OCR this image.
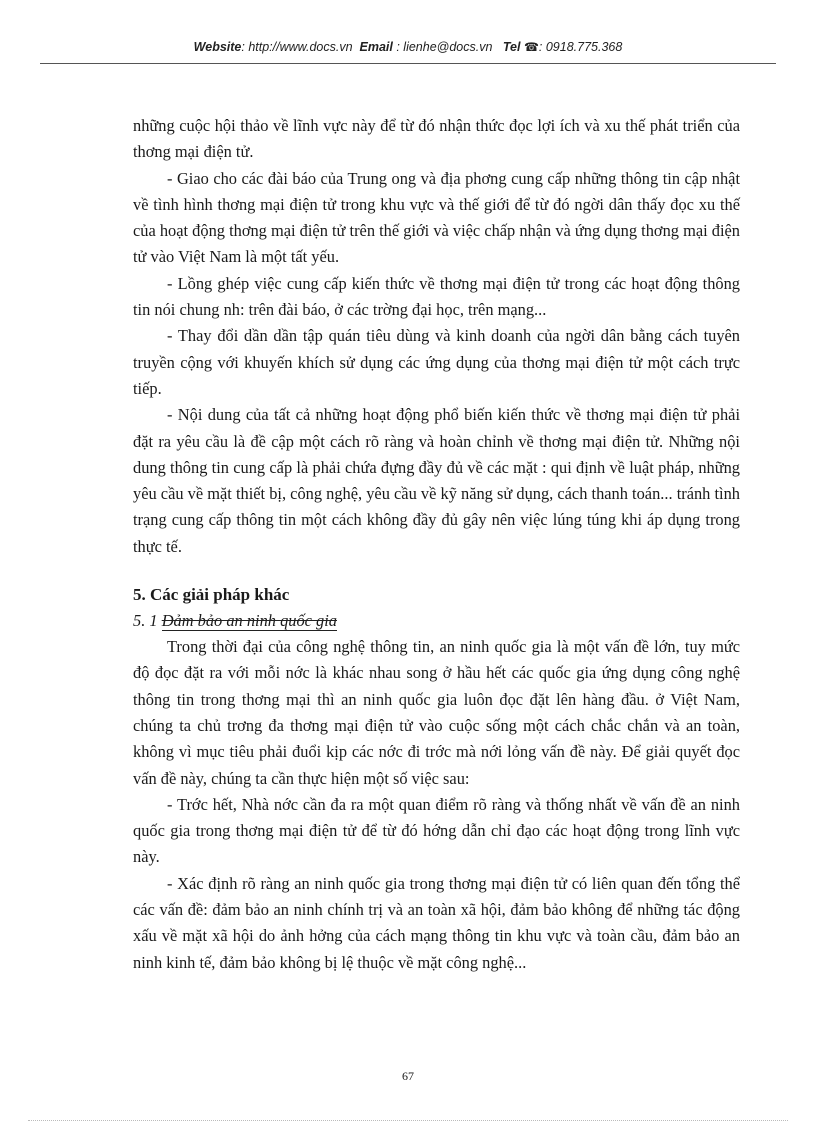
Website: http://www.docs.vn Email : lienhe@docs.vn Tel ☎: 0918.775.368

những cuộc hội thảo về lĩnh vực này để từ đó nhận thức đọc lợi ích và xu thế phát triển của thơng mại điện tử.

- Giao cho các đài báo của Trung ong và địa phơng cung cấp những thông tin cập nhật về tình hình thơng mại điện tử trong khu vực và thế giới để từ đó ngời dân thấy đọc xu thế của hoạt động thơng mại điện tử trên thế giới và việc chấp nhận và ứng dụng thơng mại điện tử vào Việt Nam là một tất yếu.

- Lồng ghép việc cung cấp kiến thức về thơng mại điện tử trong các hoạt động thông tin nói chung nh: trên đài báo, ở các trờng đại học, trên mạng...

- Thay đổi dần dần tập quán tiêu dùng và kinh doanh của ngời dân bằng cách tuyên truyền cộng với khuyến khích sử dụng các ứng dụng của thơng mại điện tử một cách trực tiếp.

- Nội dung của tất cả những hoạt động phổ biến kiến thức về thơng mại điện tử phải đặt ra yêu cầu là đề cập một cách rõ ràng và hoàn chỉnh về thơng mại điện tử. Những nội dung thông tin cung cấp là phải chứa đựng đầy đủ về các mặt : qui định về luật pháp, những yêu cầu về mặt thiết bị, công nghệ, yêu cầu về kỹ năng sử dụng, cách thanh toán... tránh tình trạng cung cấp thông tin một cách không đầy đủ gây nên việc lúng túng khi áp dụng trong thực tế.

5. Các giải pháp khác

5. 1 Đảm bảo an ninh quốc gia

Trong thời đại của công nghệ thông tin, an ninh quốc gia là một vấn đề lớn, tuy mức độ đọc đặt ra với mỗi nớc là khác nhau song ở hầu hết các quốc gia ứng dụng công nghệ thông tin trong thơng mại thì an ninh quốc gia luôn đọc đặt lên hàng đầu. ở Việt Nam, chúng ta chủ trơng đa thơng mại điện tử vào cuộc sống một cách chắc chắn và an toàn, không vì mục tiêu phải đuổi kịp các nớc đi trớc mà nới lỏng vấn đề này. Để giải quyết đọc vấn đề này, chúng ta cần thực hiện một số việc sau:

- Trớc hết, Nhà nớc cần đa ra một quan điểm rõ ràng và thống nhất về vấn đề an ninh quốc gia trong thơng mại điện tử để từ đó hớng dẫn chỉ đạo các hoạt động trong lĩnh vực này.

- Xác định rõ ràng an ninh quốc gia trong thơng mại điện tử có liên quan đến tổng thể các vấn đề: đảm bảo an ninh chính trị và an toàn xã hội, đảm bảo không để những tác động xấu về mặt xã hội do ảnh hởng của cách mạng thông tin khu vực và toàn cầu, đảm bảo an ninh kinh tế, đảm bảo không bị lệ thuộc về mặt công nghệ...

67
